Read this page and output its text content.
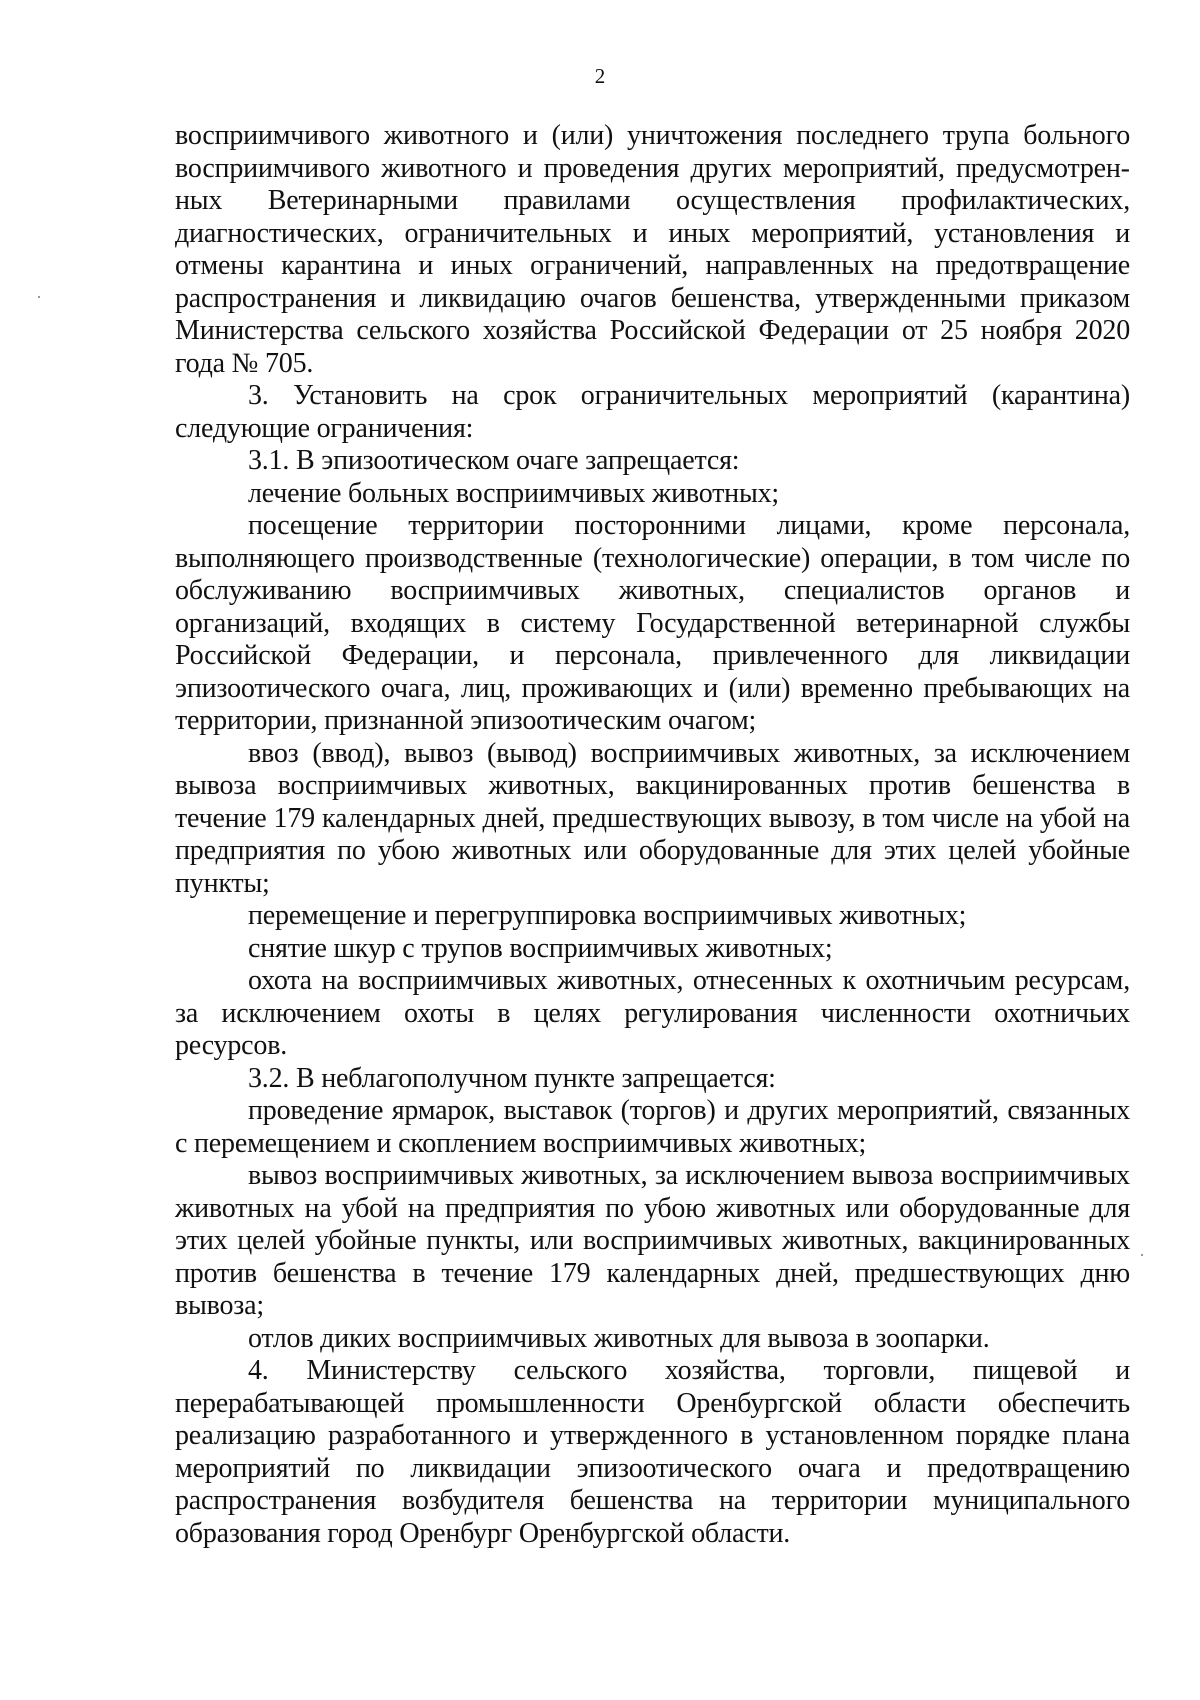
2

восприимчивого животного и (или) уничтожения последнего трупа больного восприимчивого животного и проведения других мероприятий, предусмотренных Ветеринарными правилами осуществления профилактических, диагностических, ограничительных и иных мероприятий, установления и отмены карантина и иных ограничений, направленных на предотвращение распространения и ликвидацию очагов бешенства, утвержденными приказом Министерства сельского хозяйства Российской Федерации от 25 ноября 2020 года № 705.

3. Установить на срок ограничительных мероприятий (карантина) следующие ограничения:

3.1. В эпизоотическом очаге запрещается:

лечение больных восприимчивых животных;

посещение территории посторонними лицами, кроме персонала, выполняющего производственные (технологические) операции, в том числе по обслуживанию восприимчивых животных, специалистов органов и организаций, входящих в систему Государственной ветеринарной службы Российской Федерации, и персонала, привлеченного для ликвидации эпизоотического очага, лиц, проживающих и (или) временно пребывающих на территории, признанной эпизоотическим очагом;

ввоз (ввод), вывоз (вывод) восприимчивых животных, за исключением вывоза восприимчивых животных, вакцинированных против бешенства в течение 179 календарных дней, предшествующих вывозу, в том числе на убой на предприятия по убою животных или оборудованные для этих целей убойные пункты;

перемещение и перегруппировка восприимчивых животных;

снятие шкур с трупов восприимчивых животных;

охота на восприимчивых животных, отнесенных к охотничьим ресурсам, за исключением охоты в целях регулирования численности охотничьих ресурсов.

3.2. В неблагополучном пункте запрещается:

проведение ярмарок, выставок (торгов) и других мероприятий, связанных с перемещением и скоплением восприимчивых животных;

вывоз восприимчивых животных, за исключением вывоза восприимчивых животных на убой на предприятия по убою животных или оборудованные для этих целей убойные пункты, или восприимчивых животных, вакцинированных против бешенства в течение 179 календарных дней, предшествующих дню вывоза;

отлов диких восприимчивых животных для вывоза в зоопарки.

4. Министерству сельского хозяйства, торговли, пищевой и перерабатывающей промышленности Оренбургской области обеспечить реализацию разработанного и утвержденного в установленном порядке плана мероприятий по ликвидации эпизоотического очага и предотвращению распространения возбудителя бешенства на территории муниципального образования город Оренбург Оренбургской области.
